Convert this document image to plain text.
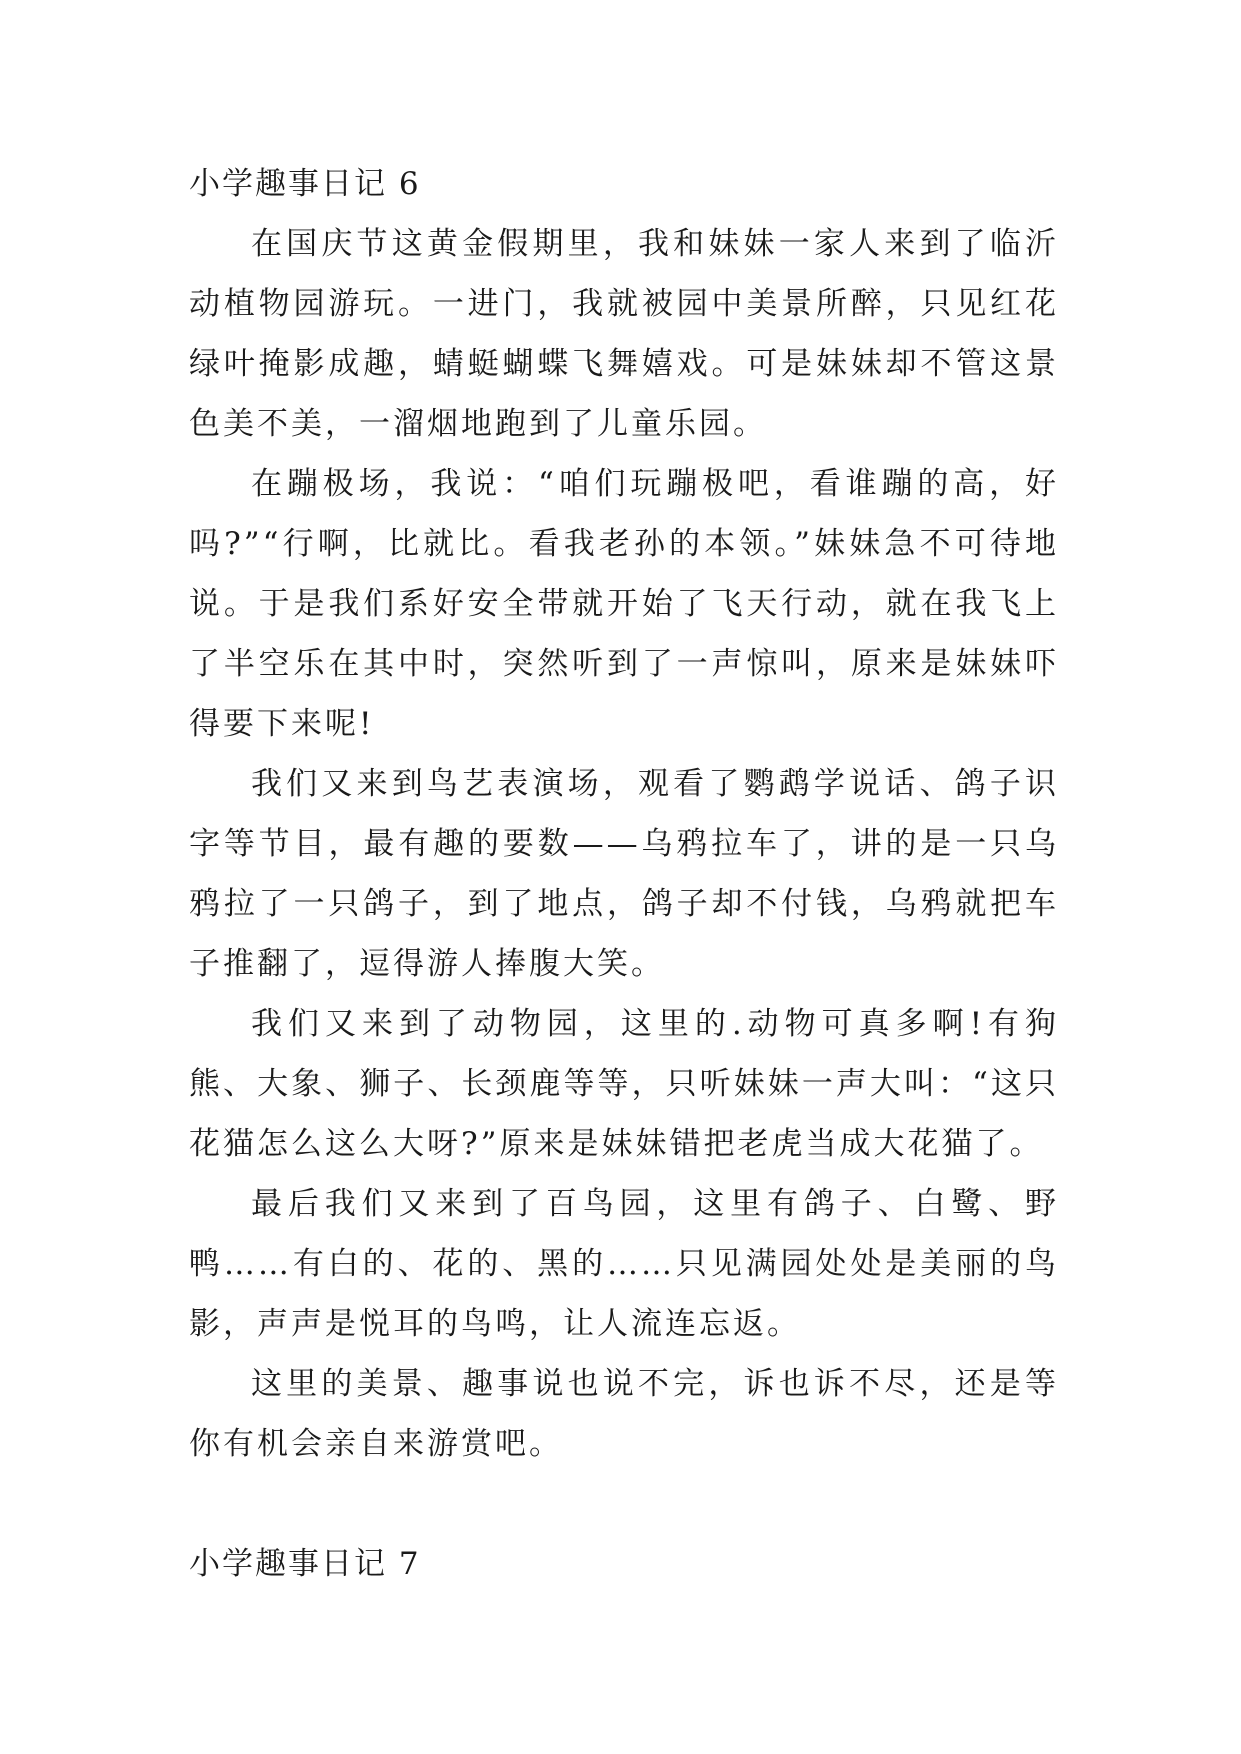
小学趣事日记 6

在国庆节这黄金假期里，我和妹妹一家人来到了临沂动植物园游玩。一进门，我就被园中美景所醉，只见红花绿叶掩影成趣，蜻蜓蝴蝶飞舞嬉戏。可是妹妹却不管这景色美不美，一溜烟地跑到了儿童乐园。

在蹦极场，我说：“咱们玩蹦极吧，看谁蹦的高，好吗?”“行啊，比就比。看我老孙的本领。”妹妹急不可待地说。于是我们系好安全带就开始了飞天行动，就在我飞上了半空乐在其中时，突然听到了一声惊叫，原来是妹妹吓得要下来呢!

我们又来到鸟艺表演场，观看了鹦鹉学说话、鸽子识字等节目，最有趣的要数——乌鸦拉车了，讲的是一只乌鸦拉了一只鸽子，到了地点，鸽子却不付钱，乌鸦就把车子推翻了，逗得游人捧腹大笑。

我们又来到了动物园，这里的.动物可真多啊!有狗熊、大象、狮子、长颈鹿等等，只听妹妹一声大叫：“这只花猫怎么这么大呀?”原来是妹妹错把老虎当成大花猫了。

最后我们又来到了百鸟园，这里有鸽子、白鹭、野鸭……有白的、花的、黑的……只见满园处处是美丽的鸟影，声声是悦耳的鸟鸣，让人流连忘返。

这里的美景、趣事说也说不完，诉也诉不尽，还是等你有机会亲自来游赏吧。

小学趣事日记 7
